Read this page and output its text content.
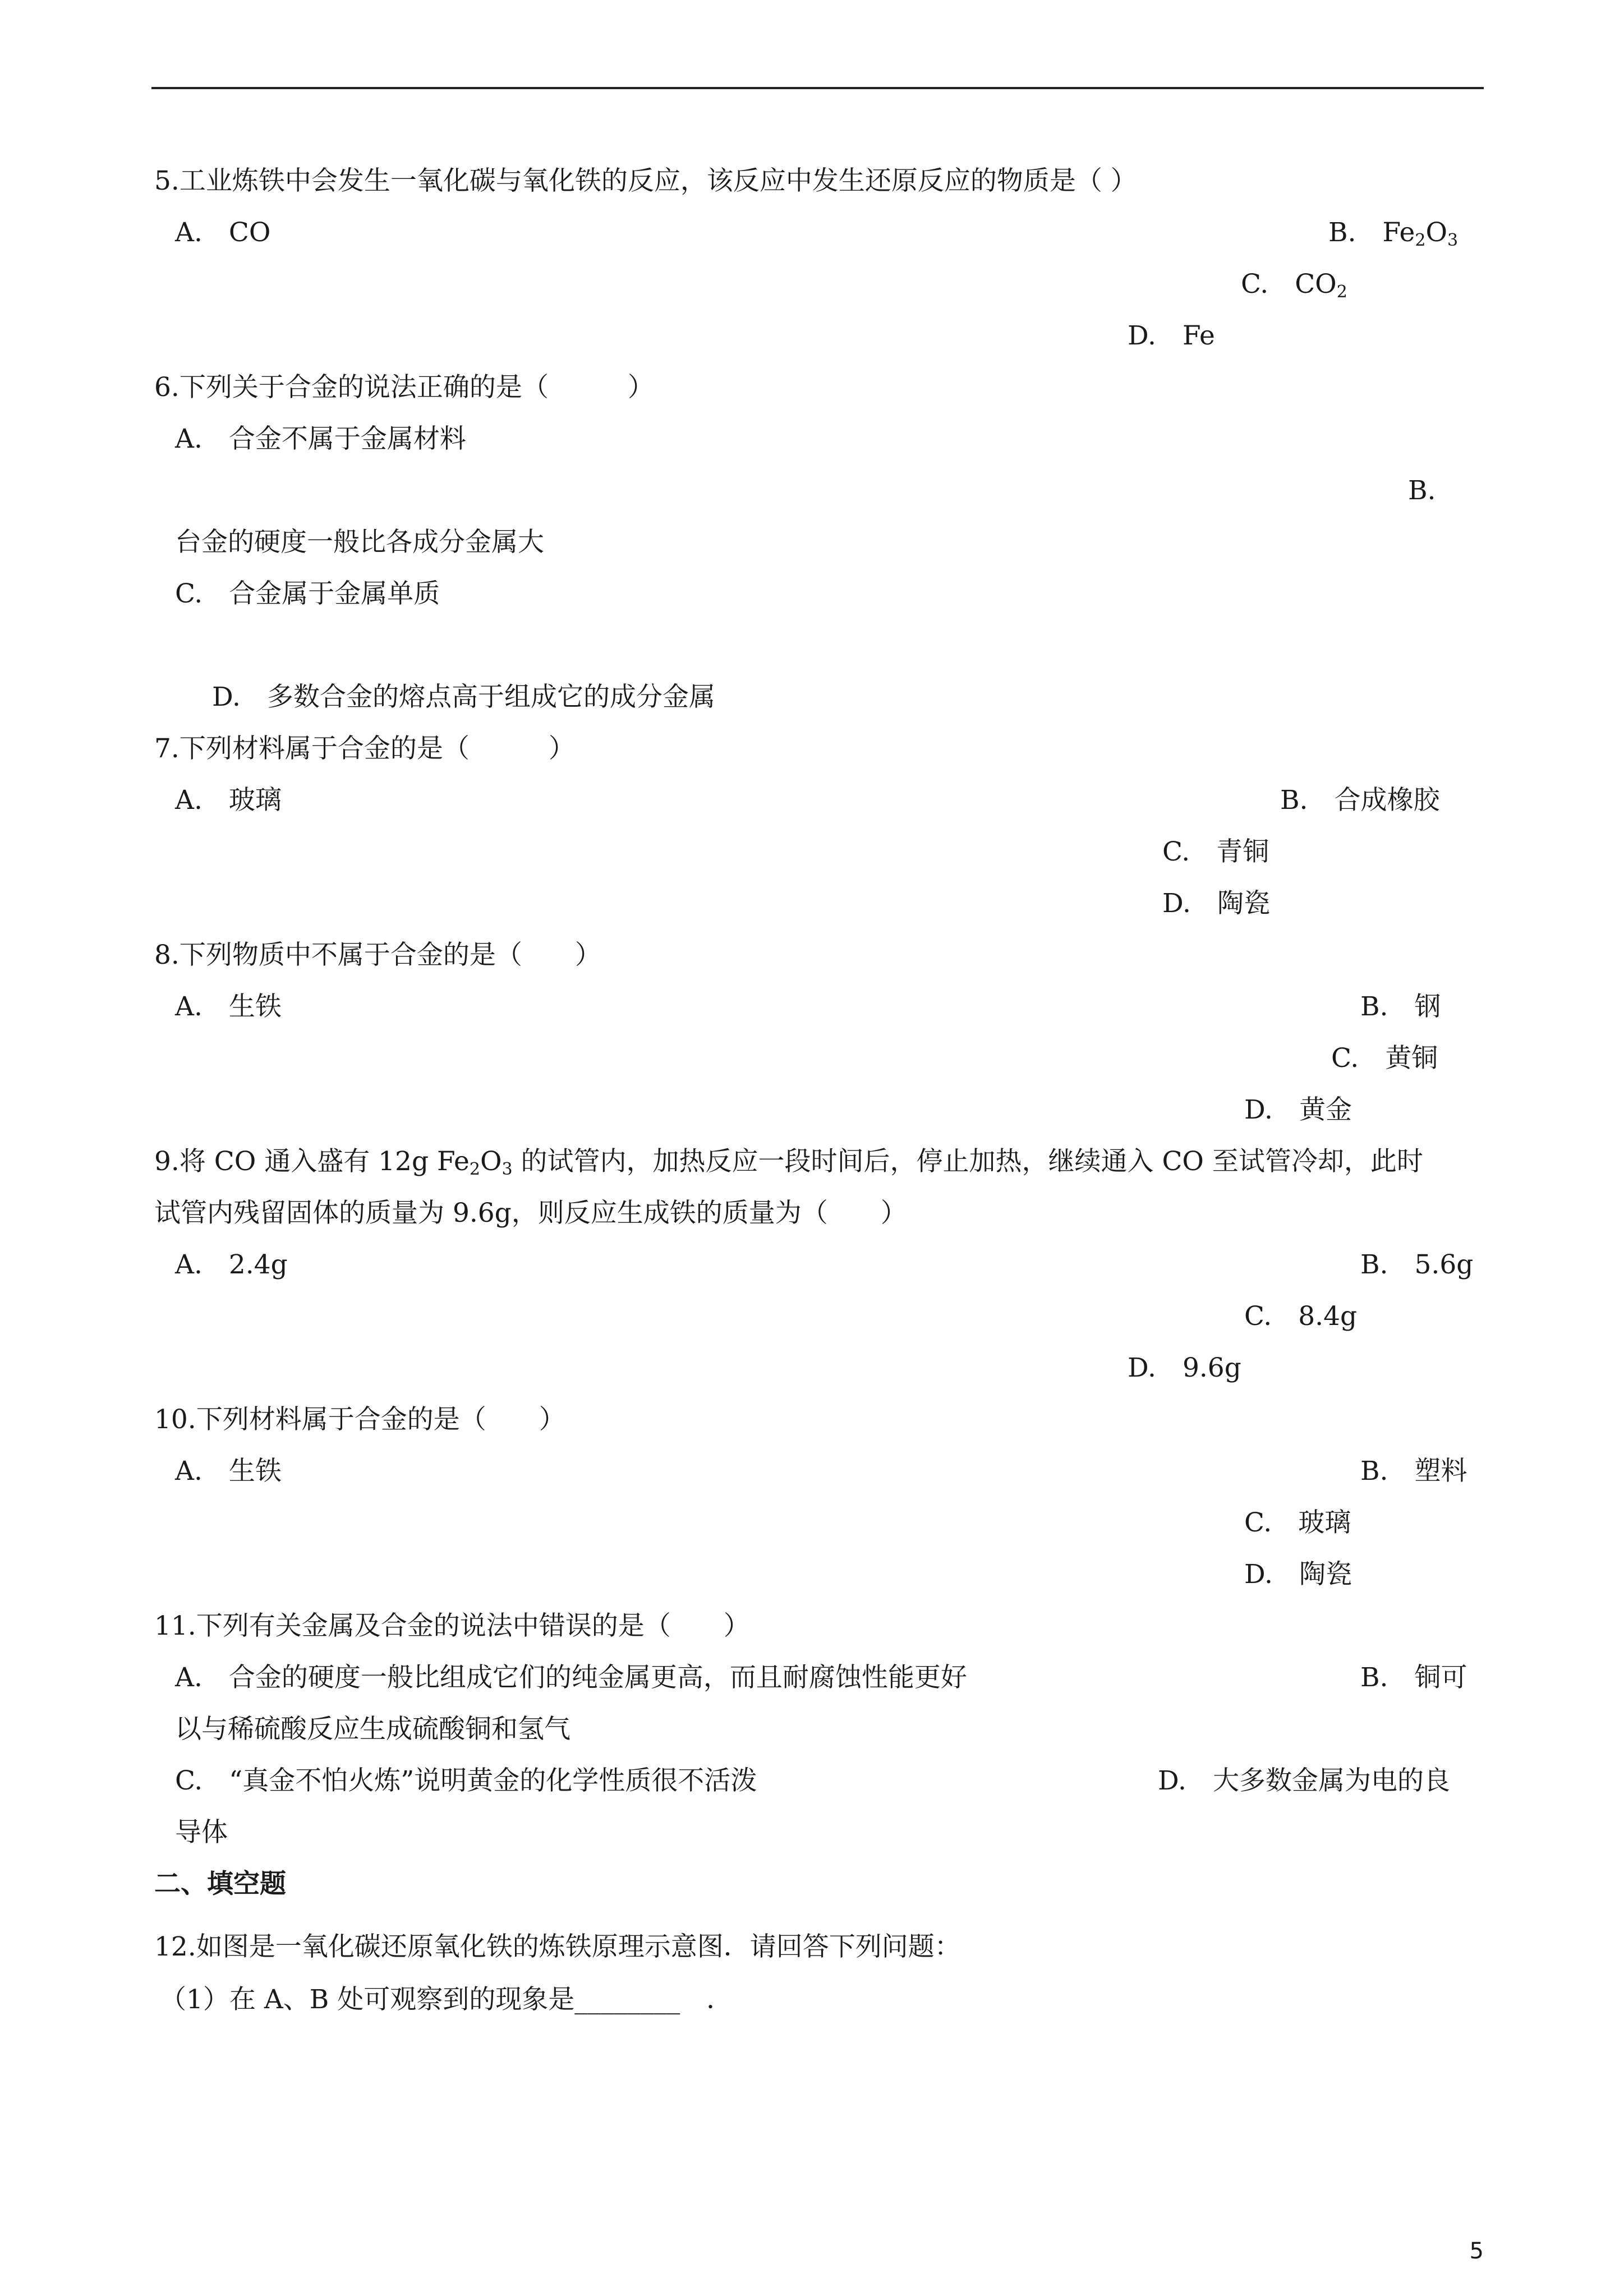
5.工业炼铁中会发生一氧化碳与氧化铁的反应，该反应中发生还原反应的物质是（ ）
A.　CO	B.　$Fe_2O_3$
C.　$CO_2$
D.　Fe
6.下列关于合金的说法正确的是（　　　）
A.　合金不属于金属材料
B.
台金的硬度一般比各成分金属大
C.　合金属于金属单质
D.　多数合金的熔点高于组成它的成分金属
7.下列材料属于合金的是（　　　）
A.　玻璃	B.　合成橡胶
C.　青铜
D.　陶瓷
8.下列物质中不属于合金的是（　　）
A.　生铁	B.　钢
C.　黄铜
D.　黄金
9.将 CO 通入盛有 12g $Fe_2O_3$ 的试管内，加热反应一段时间后，停止加热，继续通入 CO 至试管冷却，此时
试管内残留固体的质量为 9.6g，则反应生成铁的质量为（　　）
A.　2.4g	B.　5.6g
C.　8.4g
D.　9.6g
10.下列材料属于合金的是（　　）
A.　生铁	B.　塑料
C.　玻璃
D.　陶瓷
11.下列有关金属及合金的说法中错误的是（　　）
A.　合金的硬度一般比组成它们的纯金属更高，而且耐腐蚀性能更好	B.　铜可
以与稀硫酸反应生成硫酸铜和氢气
C.　“真金不怕火炼”说明黄金的化学性质很不活泼	D.　大多数金属为电的良
导体
二、填空题
12.如图是一氧化碳还原氧化铁的炼铁原理示意图．请回答下列问题：
（1）在 A、B 处可观察到的现象是________　．
5
